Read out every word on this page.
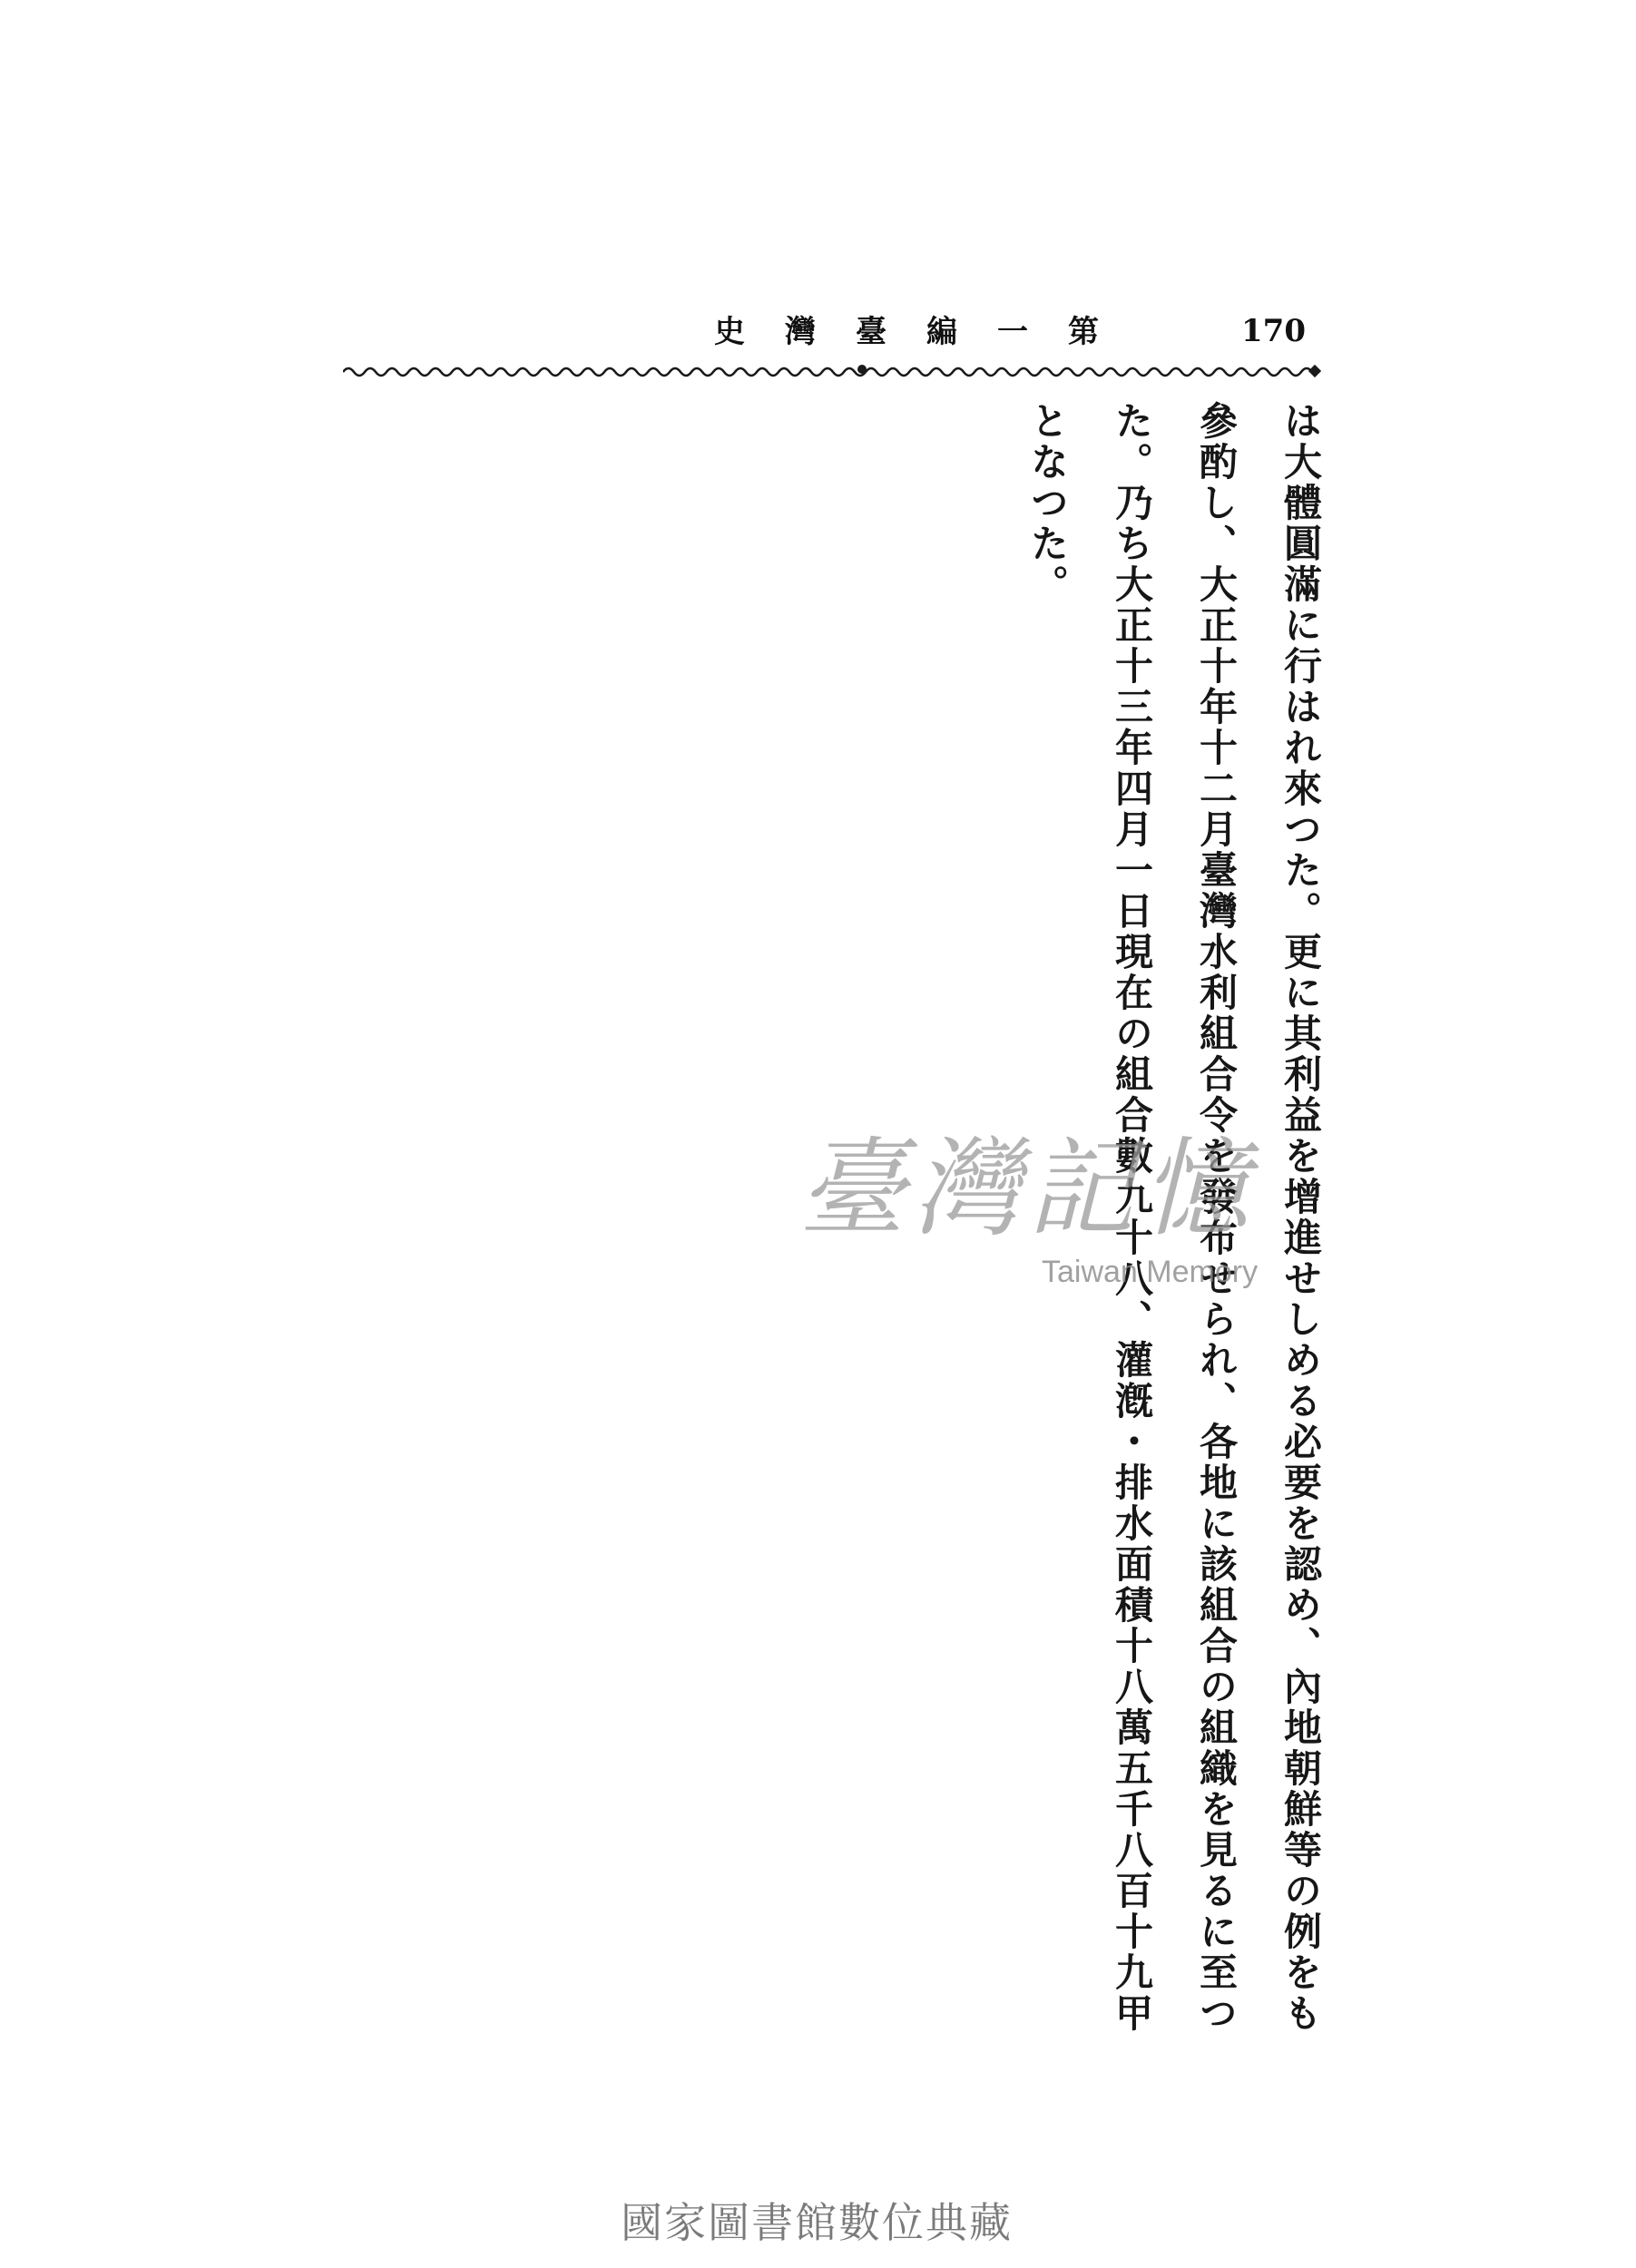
第一編臺灣史	170
は大體圓滿に行はれ來つた。更に其利益を增進せしめる必要を認め、內地朝鮮等の例をも
參酌し、大正十年十二月臺灣水利組合令を發布せられ、各地に該組合の組織を見るに至つ
た。乃ち大正十三年四月一日現在の組合數九十八、灌漑・排水面積十八萬五千八百十九甲
となつた。
臺灣記憶
Taiwan Memory
國家圖書館數位典藏
